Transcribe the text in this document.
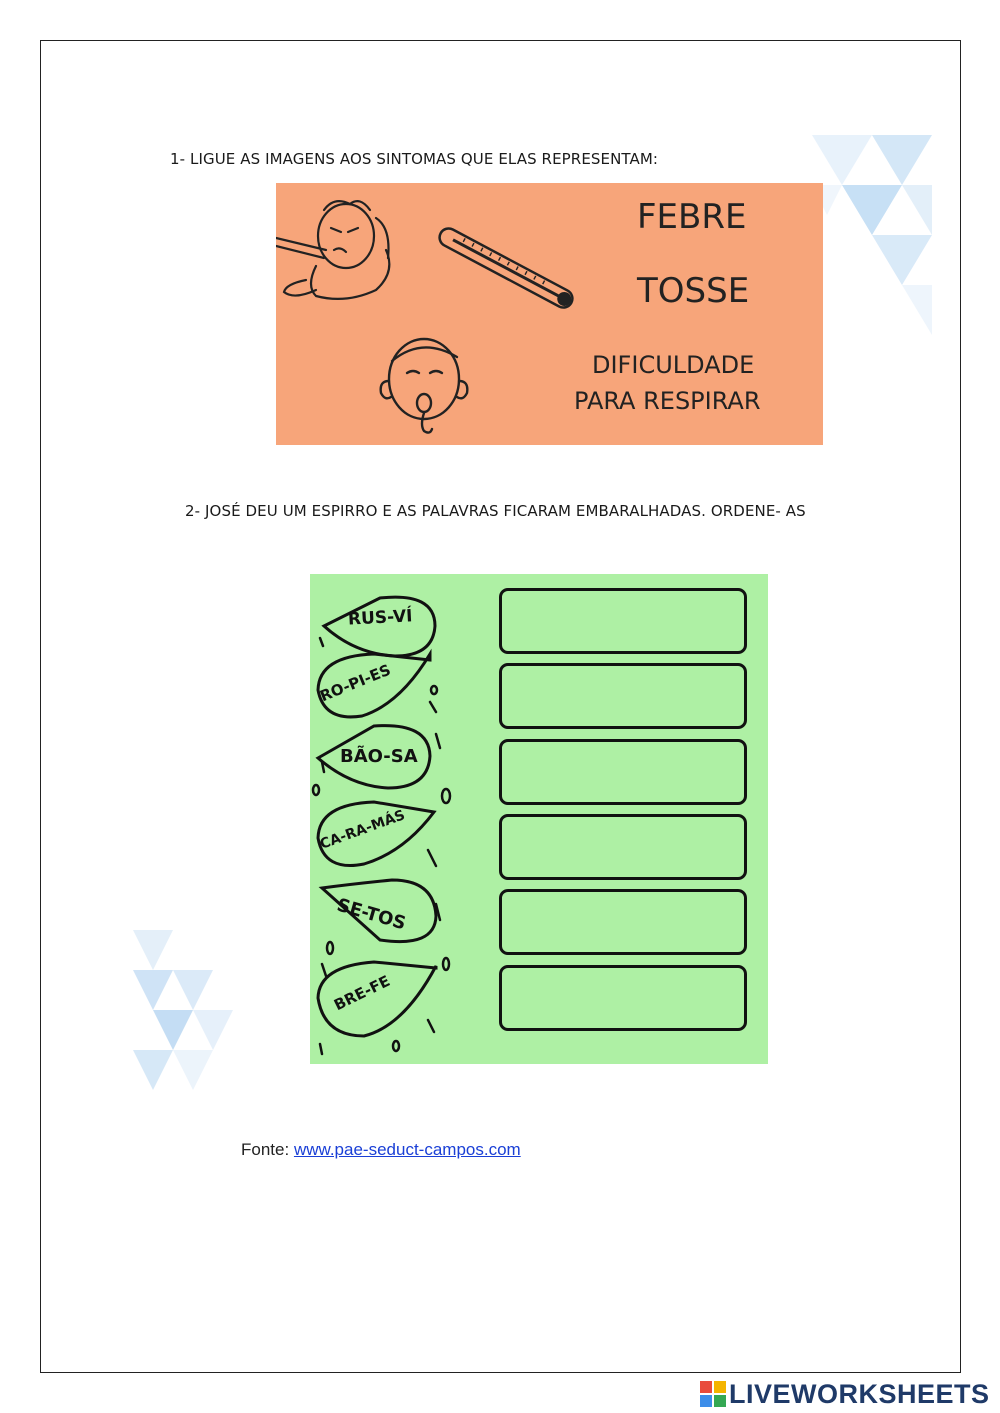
1- LIGUE AS IMAGENS AOS SINTOMAS QUE ELAS REPRESENTAM:
FEBRE
TOSSE
DIFICULDADE
PARA RESPIRAR
2- JOSÉ DEU UM ESPIRRO E AS PALAVRAS FICARAM EMBARALHADAS. ORDENE- AS
RUS-VÍ
RO-PI-ES
BÃO-SA
CA-RA-MÁS
SE-TOS
BRE-FE
Fonte: www.pae-seduct-campos.com
LIVEWORKSHEETS
